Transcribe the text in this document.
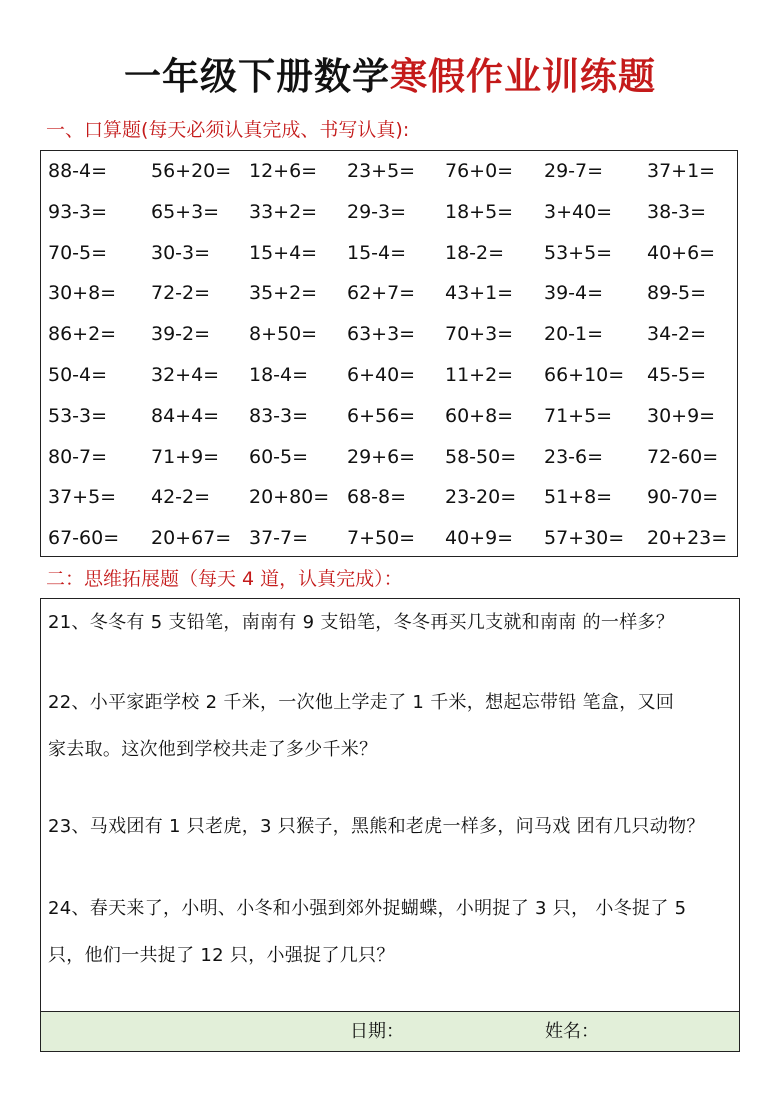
一年级下册数学寒假作业训练题
一、口算题(每天必须认真完成、书写认真):
88-4= 56+20= 12+6= 23+5= 76+0= 29-7= 37+1=
93-3= 65+3= 33+2= 29-3= 18+5= 3+40= 38-3=
70-5= 30-3= 15+4= 15-4= 18-2= 53+5= 40+6=
30+8= 72-2= 35+2= 62+7= 43+1= 39-4= 89-5=
86+2= 39-2= 8+50= 63+3= 70+3= 20-1= 34-2=
50-4= 32+4= 18-4= 6+40= 11+2= 66+10= 45-5=
53-3= 84+4= 83-3= 6+56= 60+8= 71+5= 30+9=
80-7= 71+9= 60-5= 29+6= 58-50= 23-6= 72-60=
37+5= 42-2= 20+80= 68-8= 23-20= 51+8= 90-70=
67-60= 20+67= 37-7= 7+50= 40+9= 57+30= 20+23=
二：思维拓展题（每天 4 道，认真完成）：
21、冬冬有 5 支铅笔，南南有 9 支铅笔，冬冬再买几支就和南南 的一样多？
22、小平家距学校 2 千米，一次他上学走了 1 千米，想起忘带铅 笔盒，又回
家去取。这次他到学校共走了多少千米？
23、马戏团有 1 只老虎，3 只猴子，黑熊和老虎一样多，问马戏 团有几只动物？
24、春天来了，小明、小冬和小强到郊外捉蝴蝶，小明捉了 3 只， 小冬捉了 5
只，他们一共捉了 12 只，小强捉了几只？
日期：	姓名：
